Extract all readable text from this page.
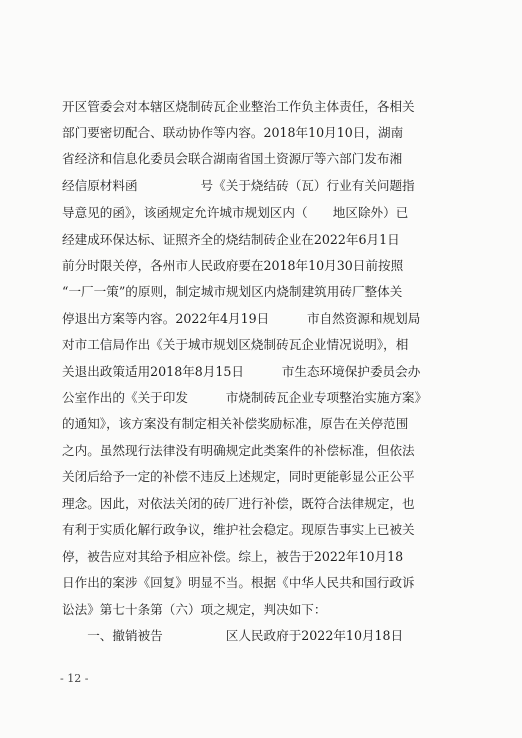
开区管委会对本辖区烧制砖瓦企业整治工作负主体责任，各相关
部门要密切配合、联动协作等内容。2018年10月10日，湖南
省经济和信息化委员会联合湖南省国土资源厅等六部门发布湘
经信原材料函　　　　　号《关于烧结砖（瓦）行业有关问题指
导意见的函》，该函规定允许城市规划区内（　　地区除外）已
经建成环保达标、证照齐全的烧结制砖企业在2022年6月1日
前分时限关停，各州市人民政府要在2018年10月30日前按照
“一厂一策”的原则，制定城市规划区内烧制建筑用砖厂整体关
停退出方案等内容。2022年4月19日　　　市自然资源和规划局
对市工信局作出《关于城市规划区烧制砖瓦企业情况说明》，相
关退出政策适用2018年8月15日　　　市生态环境保护委员会办
公室作出的《关于印发　　　市烧制砖瓦企业专项整治实施方案》
的通知》，该方案没有制定相关补偿奖励标准，原告在关停范围
之内。虽然现行法律没有明确规定此类案件的补偿标准，但依法
关闭后给予一定的补偿不违反上述规定，同时更能彰显公正公平
理念。因此，对依法关闭的砖厂进行补偿，既符合法律规定，也
有利于实质化解行政争议，维护社会稳定。现原告事实上已被关
停，被告应对其给予相应补偿。综上，被告于2022年10月18
日作出的案涉《回复》明显不当。根据《中华人民共和国行政诉
讼法》第七十条第（六）项之规定，判决如下：
　　一、撤销被告　　　　　区人民政府于2022年10月18日
- 12 -
